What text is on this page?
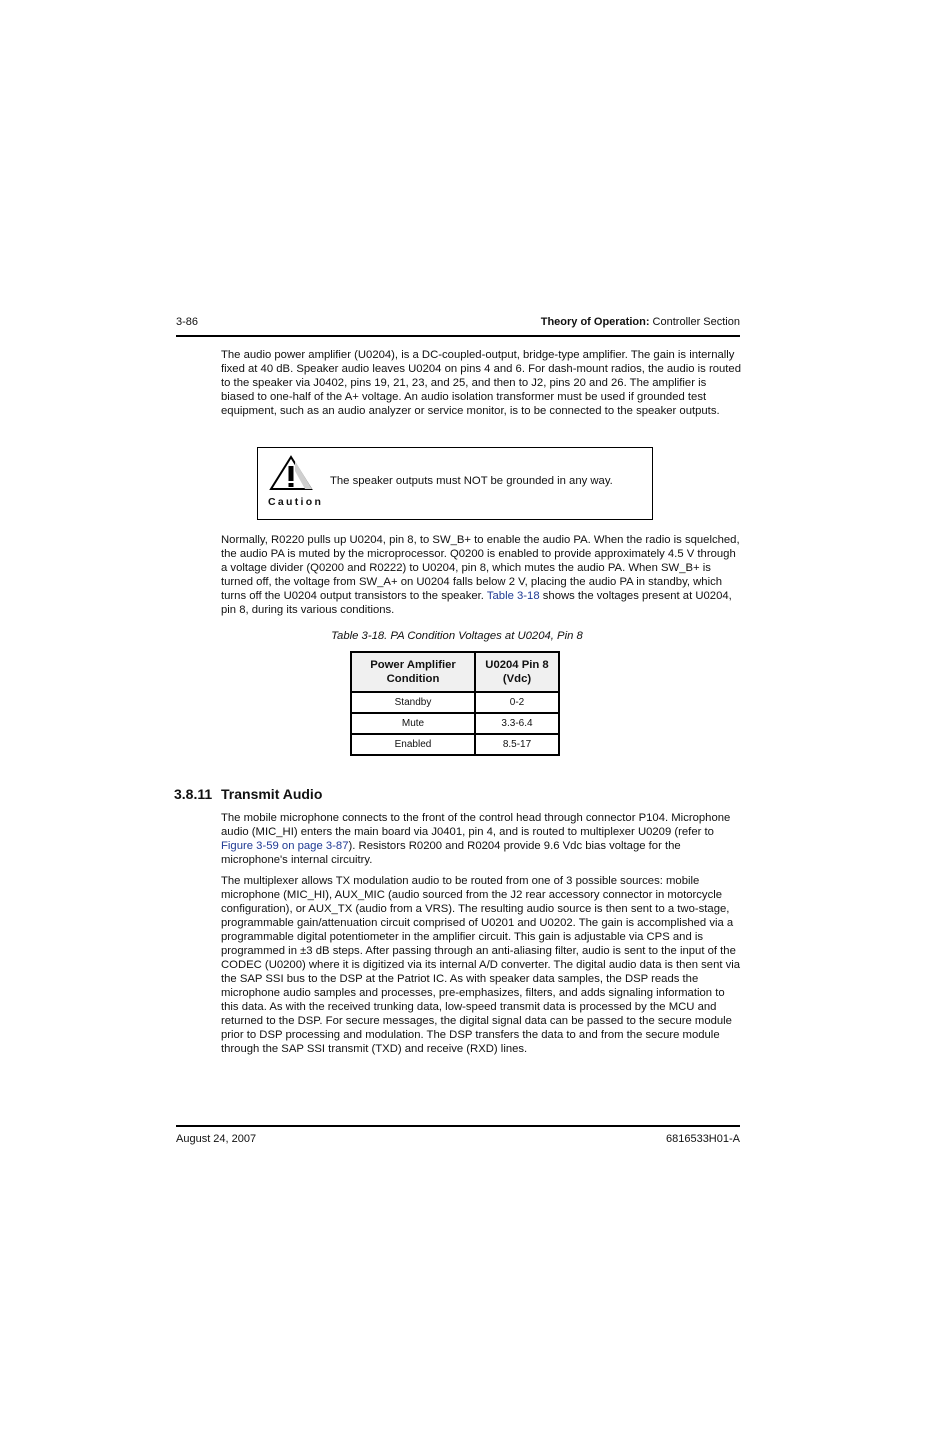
3-86	Theory of Operation: Controller Section

The audio power amplifier (U0204), is a DC-coupled-output, bridge-type amplifier. The gain is internally fixed at 40 dB. Speaker audio leaves U0204 on pins 4 and 6. For dash-mount radios, the audio is routed to the speaker via J0402, pins 19, 21, 23, and 25, and then to J2, pins 20 and 26. The amplifier is biased to one-half of the A+ voltage. An audio isolation transformer must be used if grounded test equipment, such as an audio analyzer or service monitor, is to be connected to the speaker outputs.

Caution
The speaker outputs must NOT be grounded in any way.

Normally, R0220 pulls up U0204, pin 8, to SW_B+ to enable the audio PA. When the radio is squelched, the audio PA is muted by the microprocessor. Q0200 is enabled to provide approximately 4.5 V through a voltage divider (Q0200 and R0222) to U0204, pin 8, which mutes the audio PA. When SW_B+ is turned off, the voltage from SW_A+ on U0204 falls below 2 V, placing the audio PA in standby, which turns off the U0204 output transistors to the speaker. Table 3-18 shows the voltages present at U0204, pin 8, during its various conditions.

Table 3-18. PA Condition Voltages at U0204, Pin 8
Power Amplifier Condition	U0204 Pin 8 (Vdc)
Standby	0-2
Mute	3.3-6.4
Enabled	8.5-17
3.8.11 Transmit Audio

The mobile microphone connects to the front of the control head through connector P104. Microphone audio (MIC_HI) enters the main board via J0401, pin 4, and is routed to multiplexer U0209 (refer to Figure 3-59 on page 3-87). Resistors R0200 and R0204 provide 9.6 Vdc bias voltage for the microphone's internal circuitry.

The multiplexer allows TX modulation audio to be routed from one of 3 possible sources: mobile microphone (MIC_HI), AUX_MIC (audio sourced from the J2 rear accessory connector in motorcycle configuration), or AUX_TX (audio from a VRS). The resulting audio source is then sent to a two-stage, programmable gain/attenuation circuit comprised of U0201 and U0202. The gain is accomplished via a programmable digital potentiometer in the amplifier circuit. This gain is adjustable via CPS and is programmed in ±3 dB steps. After passing through an anti-aliasing filter, audio is sent to the input of the CODEC (U0200) where it is digitized via its internal A/D converter. The digital audio data is then sent via the SAP SSI bus to the DSP at the Patriot IC. As with speaker data samples, the DSP reads the microphone audio samples and processes, pre-emphasizes, filters, and adds signaling information to this data. As with the received trunking data, low-speed transmit data is processed by the MCU and returned to the DSP. For secure messages, the digital signal data can be passed to the secure module prior to DSP processing and modulation. The DSP transfers the data to and from the secure module through the SAP SSI transmit (TXD) and receive (RXD) lines.

August 24, 2007	6816533H01-A
